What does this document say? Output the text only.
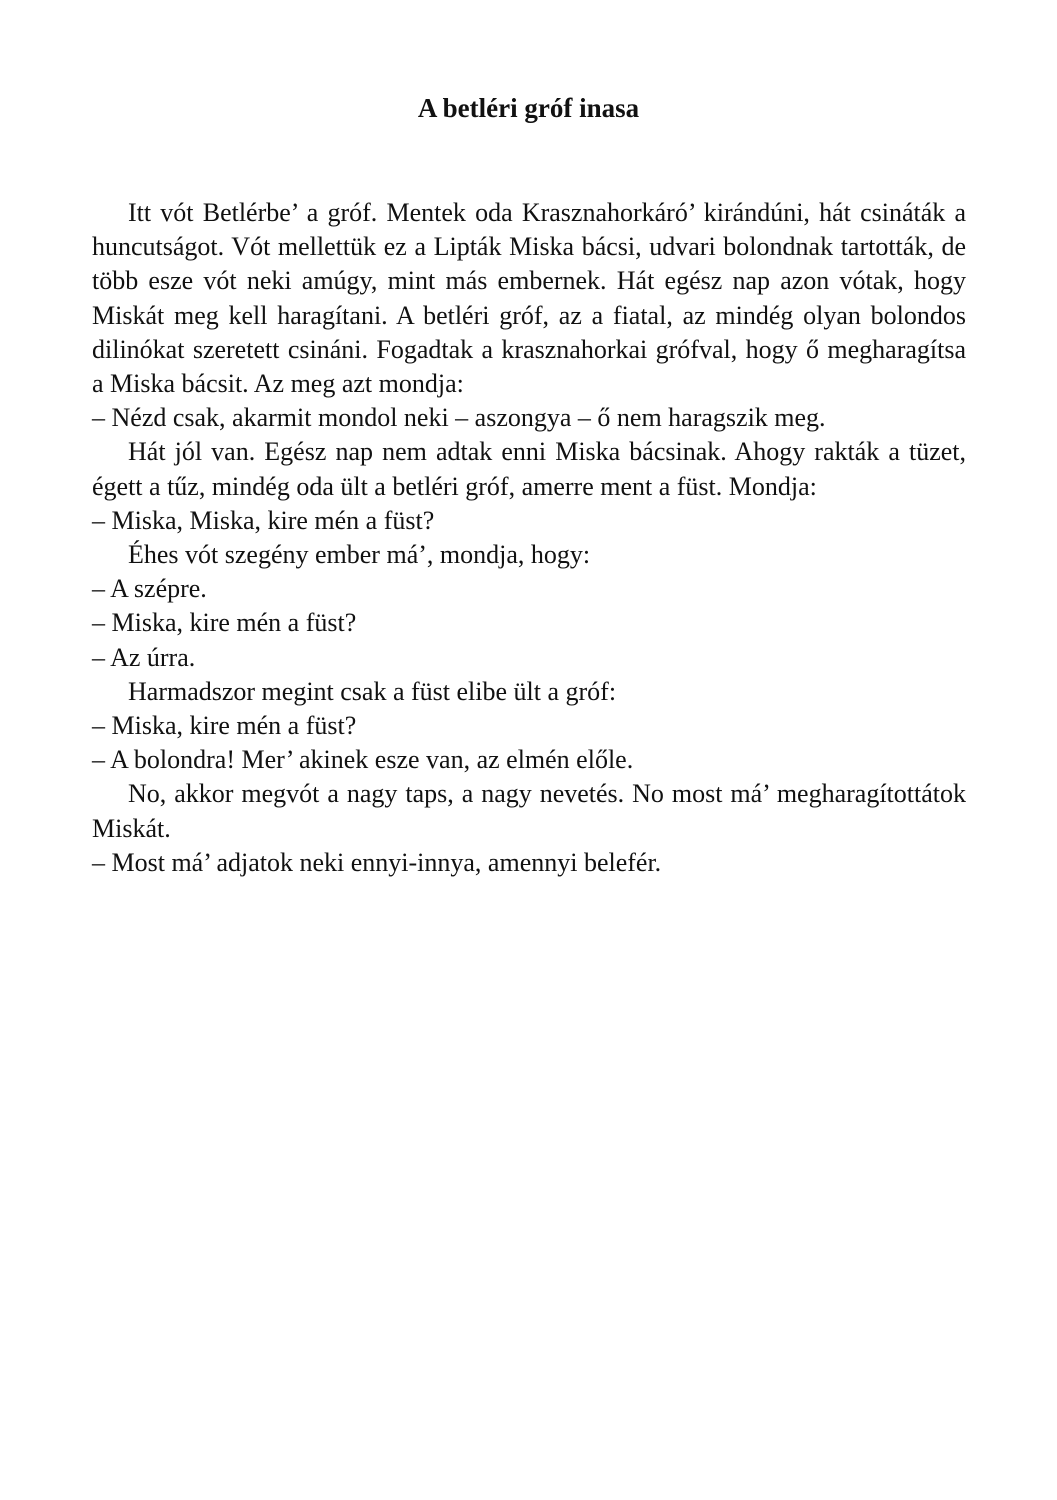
A betléri gróf inasa

Itt vót Betlérbe’ a gróf. Mentek oda Krasznahorkáró’ kirándúni, hát csináták a huncutságot. Vót mellettük ez a Lipták Miska bácsi, udvari bolondnak tartották, de több esze vót neki amúgy, mint más embernek. Hát egész nap azon vótak, hogy Miskát meg kell haragítani. A betléri gróf, az a fiatal, az mindég olyan bolondos dilinókat szeretett csináni. Fogadtak a krasznahorkai grófval, hogy ő megharagítsa a Miska bácsit. Az meg azt mondja:

– Nézd csak, akarmit mondol neki – aszongya – ő nem haragszik meg.

Hát jól van. Egész nap nem adtak enni Miska bácsinak. Ahogy rakták a tüzet, égett a tűz, mindég oda ült a betléri gróf, amerre ment a füst. Mondja:

– Miska, Miska, kire mén a füst?

Éhes vót szegény ember má’, mondja, hogy:

– A szépre.

– Miska, kire mén a füst?

– Az úrra.

Harmadszor megint csak a füst elibe ült a gróf:

– Miska, kire mén a füst?

– A bolondra! Mer’ akinek esze van, az elmén előle.

No, akkor megvót a nagy taps, a nagy nevetés. No most má’ megharagítottátok Miskát.

– Most má’ adjatok neki ennyi-innya, amennyi belefér.
